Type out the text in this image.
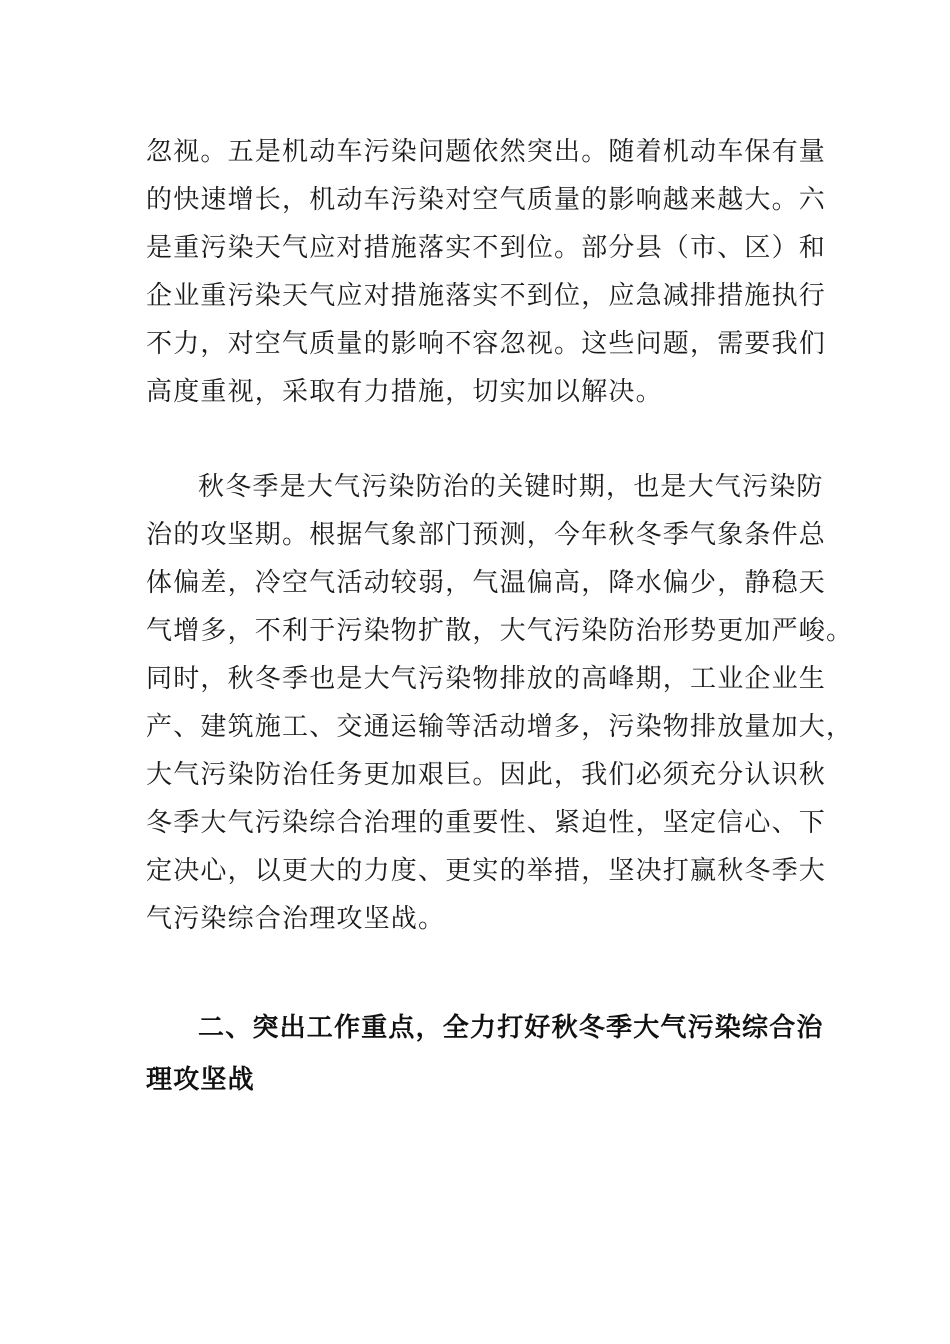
忽视。五是机动车污染问题依然突出。随着机动车保有量
的快速增长，机动车污染对空气质量的影响越来越大。六
是重污染天气应对措施落实不到位。部分县（市、区）和
企业重污染天气应对措施落实不到位，应急减排措施执行
不力，对空气质量的影响不容忽视。这些问题，需要我们
高度重视，采取有力措施，切实加以解决。
秋冬季是大气污染防治的关键时期，也是大气污染防
治的攻坚期。根据气象部门预测，今年秋冬季气象条件总
体偏差，冷空气活动较弱，气温偏高，降水偏少，静稳天
气增多，不利于污染物扩散，大气污染防治形势更加严峻。
同时，秋冬季也是大气污染物排放的高峰期，工业企业生
产、建筑施工、交通运输等活动增多，污染物排放量加大，
大气污染防治任务更加艰巨。因此，我们必须充分认识秋
冬季大气污染综合治理的重要性、紧迫性，坚定信心、下
定决心，以更大的力度、更实的举措，坚决打赢秋冬季大
气污染综合治理攻坚战。
二、突出工作重点，全力打好秋冬季大气污染综合治
理攻坚战
